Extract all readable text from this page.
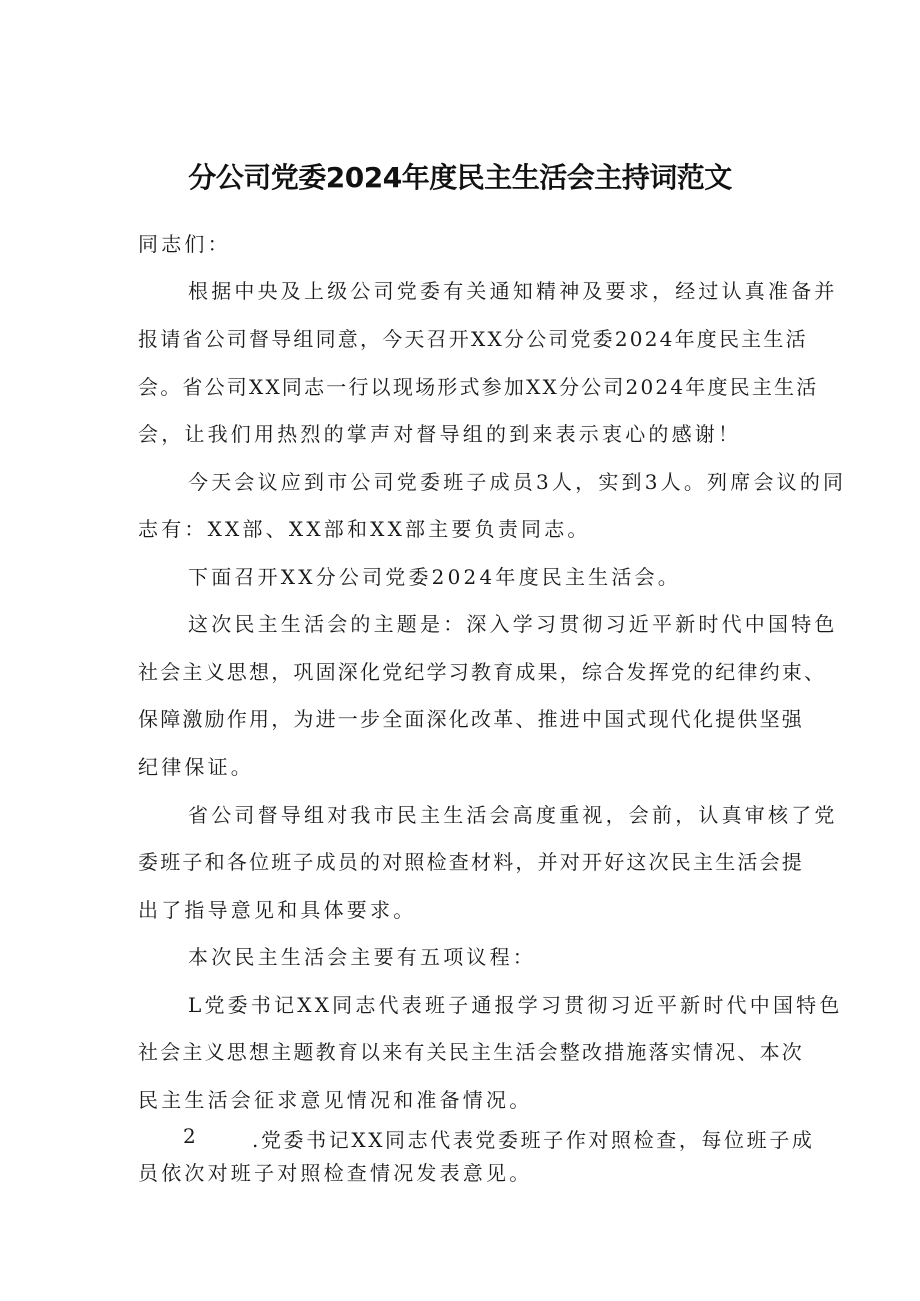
分公司党委2024年度民主生活会主持词范文
同志们：
根据中央及上级公司党委有关通知精神及要求，经过认真准备并
报请省公司督导组同意，今天召开XX分公司党委2024年度民主生活
会。省公司XX同志一行以现场形式参加XX分公司2024年度民主生活
会，让我们用热烈的掌声对督导组的到来表示衷心的感谢！
今天会议应到市公司党委班子成员3人，实到3人。列席会议的同
志有：XX部、XX部和XX部主要负责同志。
下面召开XX分公司党委2024年度民主生活会。
这次民主生活会的主题是：深入学习贯彻习近平新时代中国特色
社会主义思想，巩固深化党纪学习教育成果，综合发挥党的纪律约束、
保障激励作用，为进一步全面深化改革、推进中国式现代化提供坚强
纪律保证。
省公司督导组对我市民主生活会高度重视，会前，认真审核了党
委班子和各位班子成员的对照检查材料，并对开好这次民主生活会提
出了指导意见和具体要求。
本次民主生活会主要有五项议程：
L党委书记XX同志代表班子通报学习贯彻习近平新时代中国特色
社会主义思想主题教育以来有关民主生活会整改措施落实情况、本次
民主生活会征求意见情况和准备情况。
2	.党委书记XX同志代表党委班子作对照检查，每位班子成
员依次对班子对照检查情况发表意见。
